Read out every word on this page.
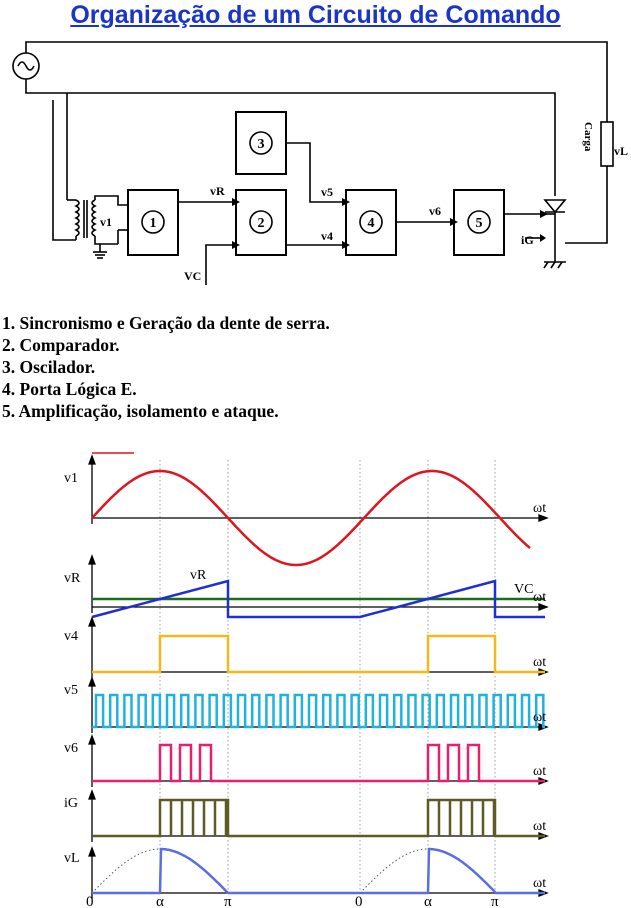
Organização de um Circuito de Comando
1	2
3
4	5
v1
vR
VC
v5
v4
v6
iG
vL
Carga
1. Sincronismo e Geração da dente de serra.
2. Comparador.
3. Oscilador.
4. Porta Lógica E.
5. Amplificação, isolamento e ataque.
ωt
ωt
ωt
ωt
ωt
ωt
ωt
v1
vR	vR
VC
v4
v5
v6
iG
vL
0	α	π	0	α	π
